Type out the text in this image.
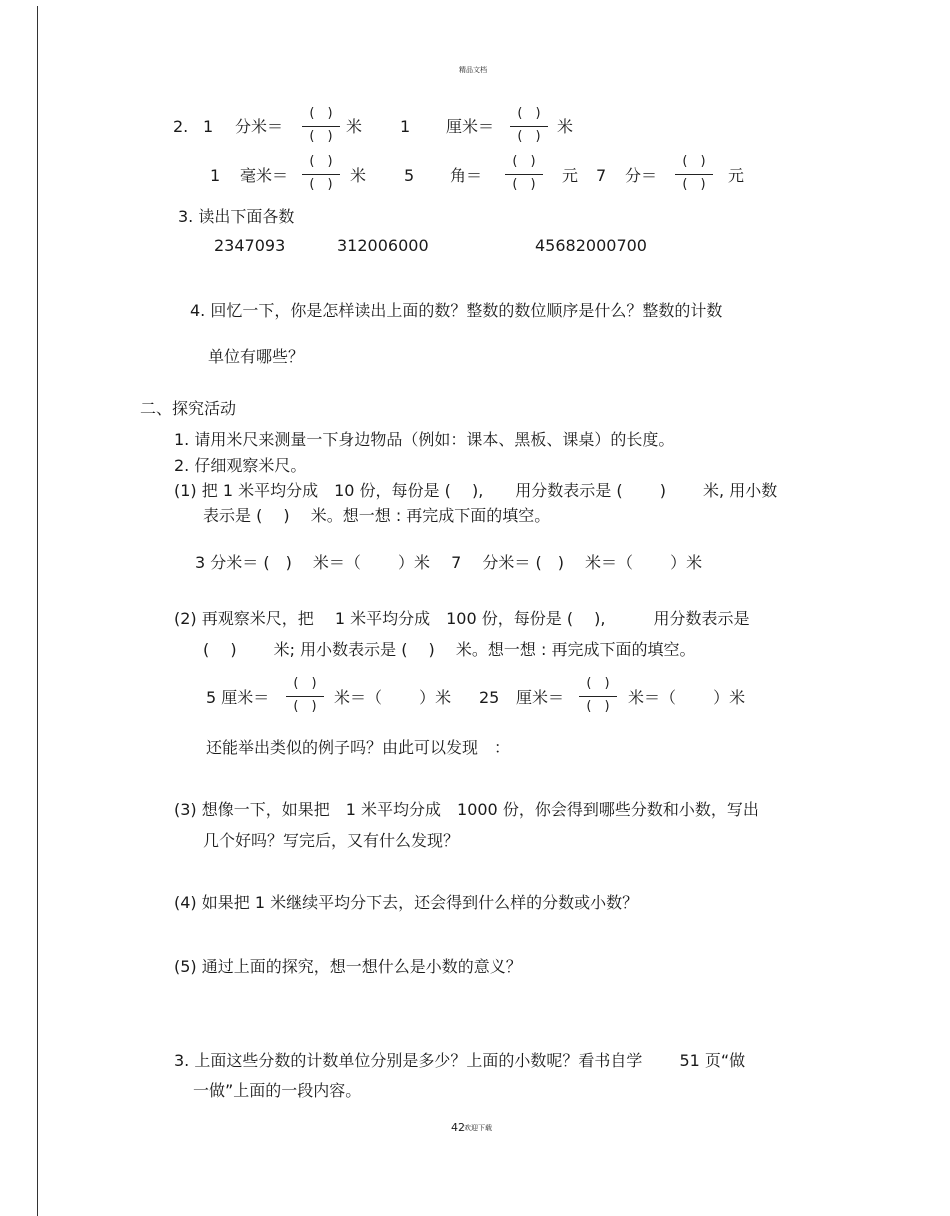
精品文档
2. 1 分米＝
(　)
(　)
米 1 厘米＝
(　)
(　)
米
1 毫米＝
(　)
(　)	米 5 角＝
(　)
(　)	元 7 分＝
(　)
(　)	元
3. 读出下面各数
2347093	312006000	45682000700
4. 回忆一下，你是怎样读出上面的数？整数的数位顺序是什么？整数的计数
单位有哪些？
二、探究活动
1. 请用米尺来测量一下身边物品（例如：课本、黑板、课桌）的长度。
2. 仔细观察米尺。
(1) 把 1 米平均分成　10 份，每份是 (　 ),　　用分数表示是 (　　 )　　 米, 用小数
表示是 (　 )　 米。想一想 : 再完成下面的填空。
3 分米＝ (　)　 米＝（　　 ）米　 7　 分米＝ (　)　 米＝（　　 ）米
(2) 再观察米尺，把　 1 米平均分成　100 份，每份是 (　 ),　　　用分数表示是
(　 )　　 米; 用小数表示是 (　 )　 米。想一想 : 再完成下面的填空。
5 厘米＝
(　)
(　)	米＝（　　 ）米 25 厘米＝
(　)
(　)	米＝（　　 ）米
还能举出类似的例子吗？由此可以发现　：
(3) 想像一下，如果把　1 米平均分成　1000 份，你会得到哪些分数和小数，写出
几个好吗？写完后，又有什么发现？
(4) 如果把 1 米继续平均分下去，还会得到什么样的分数或小数？
(5) 通过上面的探究，想一想什么是小数的意义？
3. 上面这些分数的计数单位分别是多少？上面的小数呢？看书自学　　 51 页“做
一做”上面的一段内容。
42 欢迎下载
